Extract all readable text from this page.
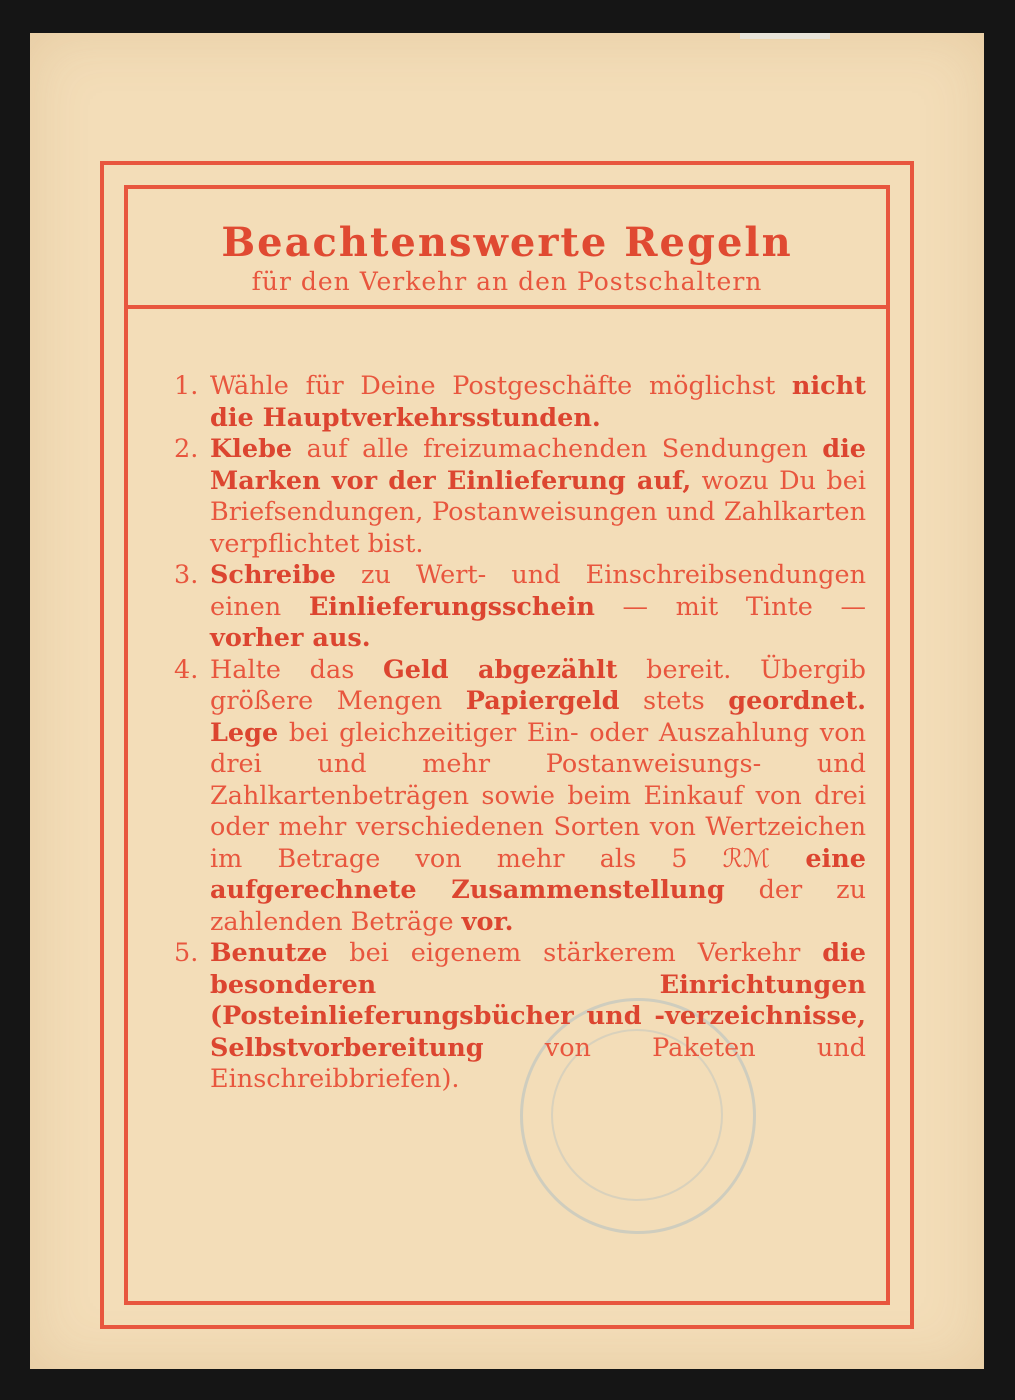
Beachtenswerte Regeln

für den Verkehr an den Postschaltern

1. Wähle für Deine Postgeschäfte möglichst nicht die Hauptverkehrsstunden.
2. Klebe auf alle freizumachenden Sendungen die Marken vor der Einlieferung auf, wozu Du bei Briefsendungen, Postanweisungen und Zahlkarten verpflichtet bist.
3. Schreibe zu Wert- und Einschreibsendungen einen Einlieferungsschein — mit Tinte — vorher aus.
4. Halte das Geld abgezählt bereit. Übergib größere Mengen Papiergeld stets geordnet. Lege bei gleichzeitiger Ein- oder Auszahlung von drei und mehr Postanweisungs- und Zahlkartenbeträgen sowie beim Einkauf von drei oder mehr verschiedenen Sorten von Wertzeichen im Betrage von mehr als 5 ℛℳ eine aufgerechnete Zusammenstellung der zu zahlenden Beträge vor.
5. Benutze bei eigenem stärkerem Verkehr die besonderen Einrichtungen (Posteinlieferungsbücher und -verzeichnisse, Selbstvorbereitung von Paketen und Einschreibbriefen).
